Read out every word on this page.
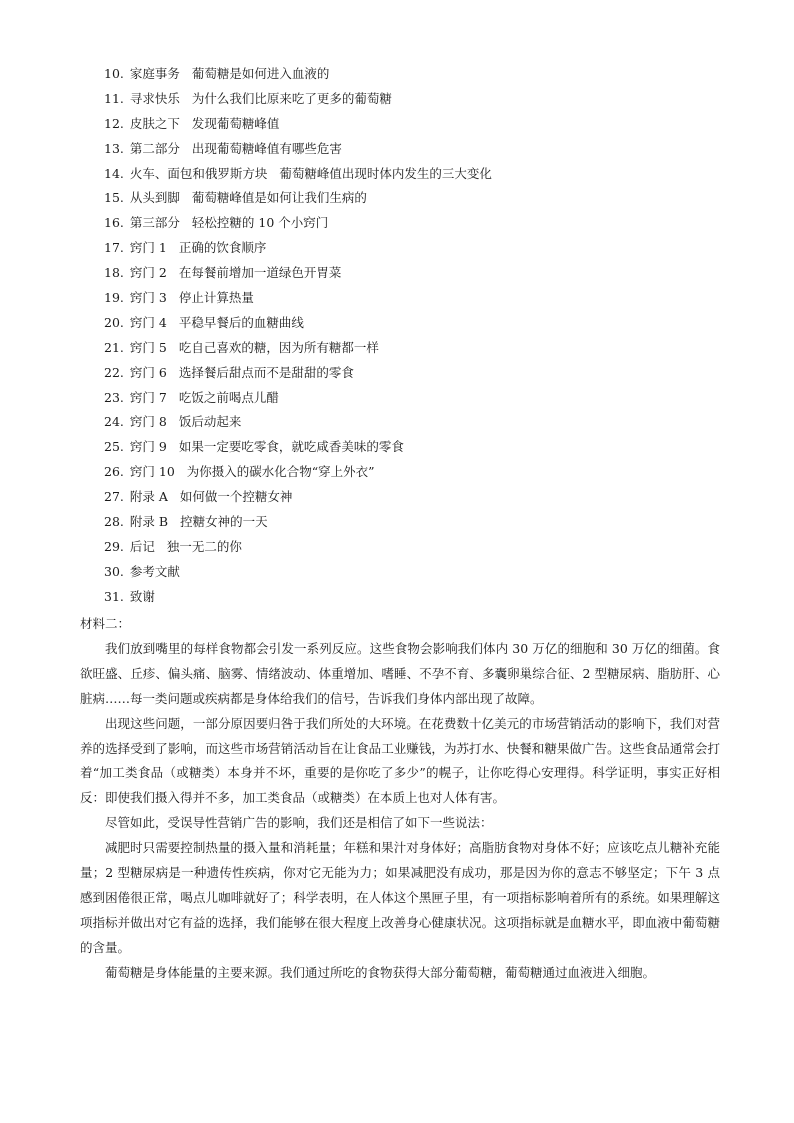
10. 家庭事务 葡萄糖是如何进入血液的
11. 寻求快乐 为什么我们比原来吃了更多的葡萄糖
12. 皮肤之下 发现葡萄糖峰值
13. 第二部分 出现葡萄糖峰值有哪些危害
14. 火车、面包和俄罗斯方块 葡萄糖峰值出现时体内发生的三大变化
15. 从头到脚 葡萄糖峰值是如何让我们生病的
16. 第三部分 轻松控糖的 10 个小窍门
17. 窍门 1 正确的饮食顺序
18. 窍门 2 在每餐前增加一道绿色开胃菜
19. 窍门 3 停止计算热量
20. 窍门 4 平稳早餐后的血糖曲线
21. 窍门 5 吃自己喜欢的糖，因为所有糖都一样
22. 窍门 6 选择餐后甜点而不是甜甜的零食
23. 窍门 7 吃饭之前喝点儿醋
24. 窍门 8 饭后动起来
25. 窍门 9 如果一定要吃零食，就吃咸香美味的零食
26. 窍门 10 为你摄入的碳水化合物“穿上外衣”
27. 附录 A 如何做一个控糖女神
28. 附录 B 控糖女神的一天
29. 后记 独一无二的你
30. 参考文献
31. 致谢
材料二：

我们放到嘴里的每样食物都会引发一系列反应。这些食物会影响我们体内 30 万亿的细胞和 30 万亿的细菌。食欲旺盛、丘疹、偏头痛、脑雾、情绪波动、体重增加、嗜睡、不孕不育、多囊卵巢综合征、2 型糖尿病、脂肪肝、心脏病……每一类问题或疾病都是身体给我们的信号，告诉我们身体内部出现了故障。

出现这些问题，一部分原因要归咎于我们所处的大环境。在花费数十亿美元的市场营销活动的影响下，我们对营养的选择受到了影响，而这些市场营销活动旨在让食品工业赚钱，为苏打水、快餐和糖果做广告。这些食品通常会打着“加工类食品（或糖类）本身并不坏，重要的是你吃了多少”的幌子，让你吃得心安理得。科学证明，事实正好相反：即使我们摄入得并不多，加工类食品（或糖类）在本质上也对人体有害。

尽管如此，受误导性营销广告的影响，我们还是相信了如下一些说法：

减肥时只需要控制热量的摄入量和消耗量；年糕和果汁对身体好；高脂肪食物对身体不好；应该吃点儿糖补充能量；2 型糖尿病是一种遗传性疾病，你对它无能为力；如果减肥没有成功，那是因为你的意志不够坚定；下午 3 点感到困倦很正常，喝点儿咖啡就好了；科学表明，在人体这个黑匣子里，有一项指标影响着所有的系统。如果理解这项指标并做出对它有益的选择，我们能够在很大程度上改善身心健康状况。这项指标就是血糖水平，即血液中葡萄糖的含量。

葡萄糖是身体能量的主要来源。我们通过所吃的食物获得大部分葡萄糖，葡萄糖通过血液进入细胞。
